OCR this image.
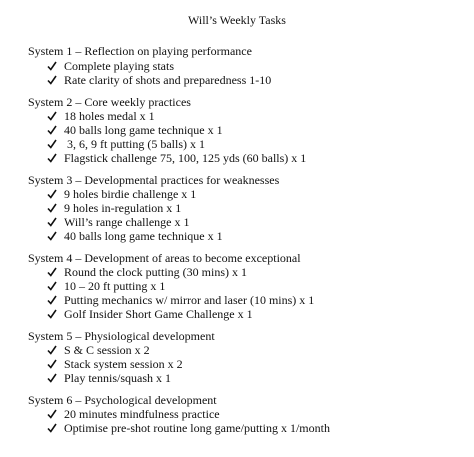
Will’s Weekly Tasks
System 1 – Reflection on playing performance
Complete playing stats
Rate clarity of shots and preparedness 1-10
System 2 – Core weekly practices
18 holes medal x 1
40 balls long game technique x 1
3, 6, 9 ft putting (5 balls) x 1
Flagstick challenge 75, 100, 125 yds (60 balls) x 1
System 3 – Developmental practices for weaknesses
9 holes birdie challenge x 1
9 holes in-regulation x 1
Will’s range challenge x 1
40 balls long game technique x 1
System 4 – Development of areas to become exceptional
Round the clock putting (30 mins) x 1
10 – 20 ft putting x 1
Putting mechanics w/ mirror and laser (10 mins) x 1
Golf Insider Short Game Challenge x 1
System 5 – Physiological development
S & C session x 2
Stack system session x 2
Play tennis/squash x 1
System 6 – Psychological development
20 minutes mindfulness practice
Optimise pre-shot routine long game/putting x 1/month
